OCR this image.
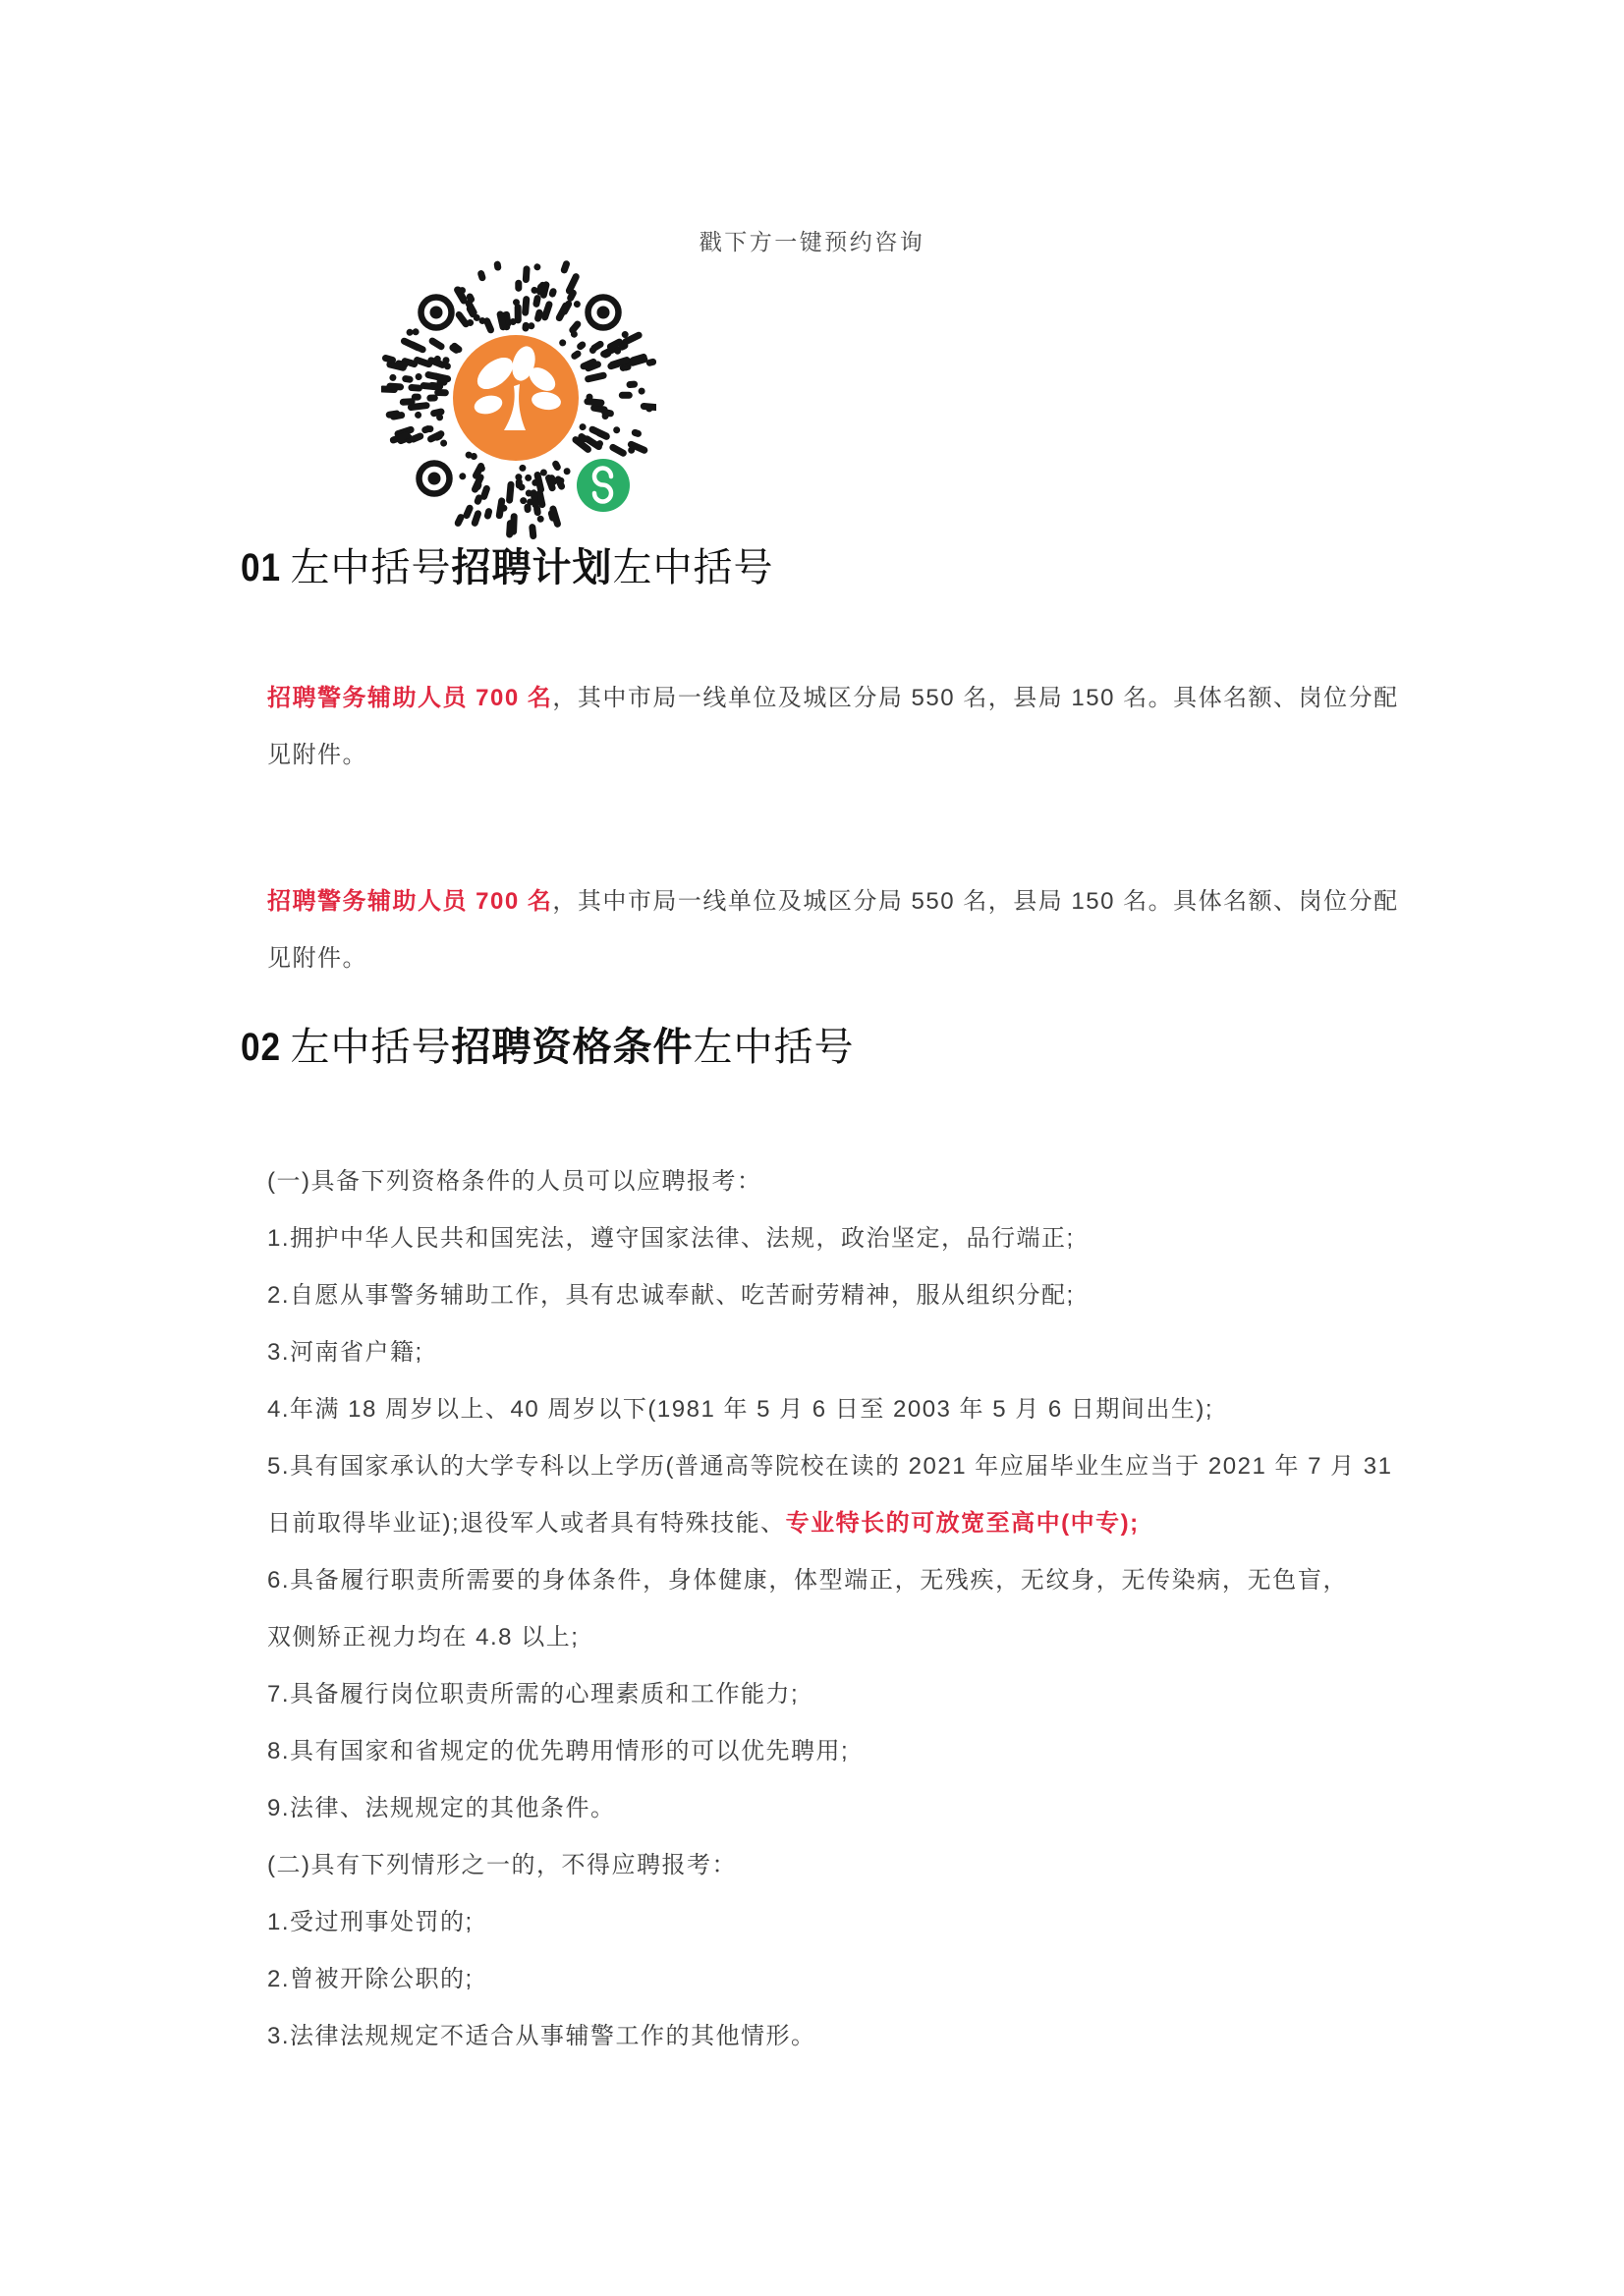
戳下方一键预约咨询
01 左中括号招聘计划左中括号
招聘警务辅助人员 700 名，其中市局一线单位及城区分局 550 名，县局 150 名。具体名额、岗位分配
见附件。
招聘警务辅助人员 700 名，其中市局一线单位及城区分局 550 名，县局 150 名。具体名额、岗位分配
见附件。
02 左中括号招聘资格条件左中括号
(一)具备下列资格条件的人员可以应聘报考：
1.拥护中华人民共和国宪法，遵守国家法律、法规，政治坚定，品行端正;
2.自愿从事警务辅助工作，具有忠诚奉献、吃苦耐劳精神，服从组织分配;
3.河南省户籍;
4.年满 18 周岁以上、40 周岁以下(1981 年 5 月 6 日至 2003 年 5 月 6 日期间出生);
5.具有国家承认的大学专科以上学历(普通高等院校在读的 2021 年应届毕业生应当于 2021 年 7 月 31
日前取得毕业证);退役军人或者具有特殊技能、专业特长的可放宽至高中(中专);
6.具备履行职责所需要的身体条件，身体健康，体型端正，无残疾，无纹身，无传染病，无色盲，
双侧矫正视力均在 4.8 以上;
7.具备履行岗位职责所需的心理素质和工作能力;
8.具有国家和省规定的优先聘用情形的可以优先聘用;
9.法律、法规规定的其他条件。
(二)具有下列情形之一的，不得应聘报考：
1.受过刑事处罚的;
2.曾被开除公职的;
3.法律法规规定不适合从事辅警工作的其他情形。
